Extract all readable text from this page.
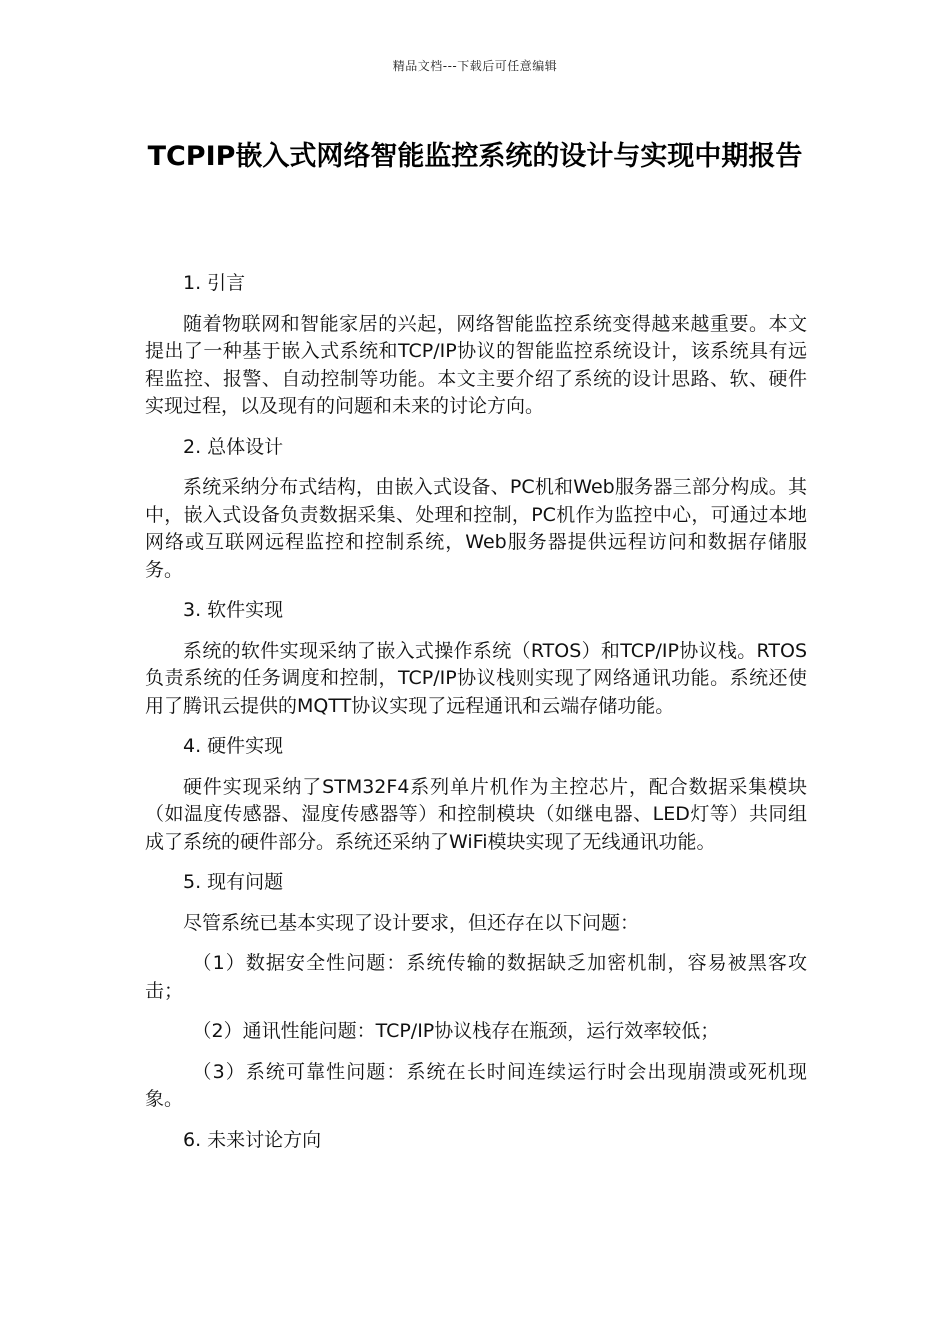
精品文档---下载后可任意编辑
TCPIP嵌入式网络智能监控系统的设计与实现中期报告

1. 引言

随着物联网和智能家居的兴起，网络智能监控系统变得越来越重要。本文提出了一种基于嵌入式系统和TCP/IP协议的智能监控系统设计，该系统具有远程监控、报警、自动控制等功能。本文主要介绍了系统的设计思路、软、硬件实现过程，以及现有的问题和未来的讨论方向。

2. 总体设计

系统采纳分布式结构，由嵌入式设备、PC机和Web服务器三部分构成。其中，嵌入式设备负责数据采集、处理和控制，PC机作为监控中心，可通过本地网络或互联网远程监控和控制系统，Web服务器提供远程访问和数据存储服务。

3. 软件实现

系统的软件实现采纳了嵌入式操作系统（RTOS）和TCP/IP协议栈。RTOS负责系统的任务调度和控制，TCP/IP协议栈则实现了网络通讯功能。系统还使用了腾讯云提供的MQTT协议实现了远程通讯和云端存储功能。

4. 硬件实现

硬件实现采纳了STM32F4系列单片机作为主控芯片，配合数据采集模块（如温度传感器、湿度传感器等）和控制模块（如继电器、LED灯等）共同组成了系统的硬件部分。系统还采纳了WiFi模块实现了无线通讯功能。

5. 现有问题

尽管系统已基本实现了设计要求，但还存在以下问题：

（1）数据安全性问题：系统传输的数据缺乏加密机制，容易被黑客攻击；

（2）通讯性能问题：TCP/IP协议栈存在瓶颈，运行效率较低；

（3）系统可靠性问题：系统在长时间连续运行时会出现崩溃或死机现象。

6. 未来讨论方向
